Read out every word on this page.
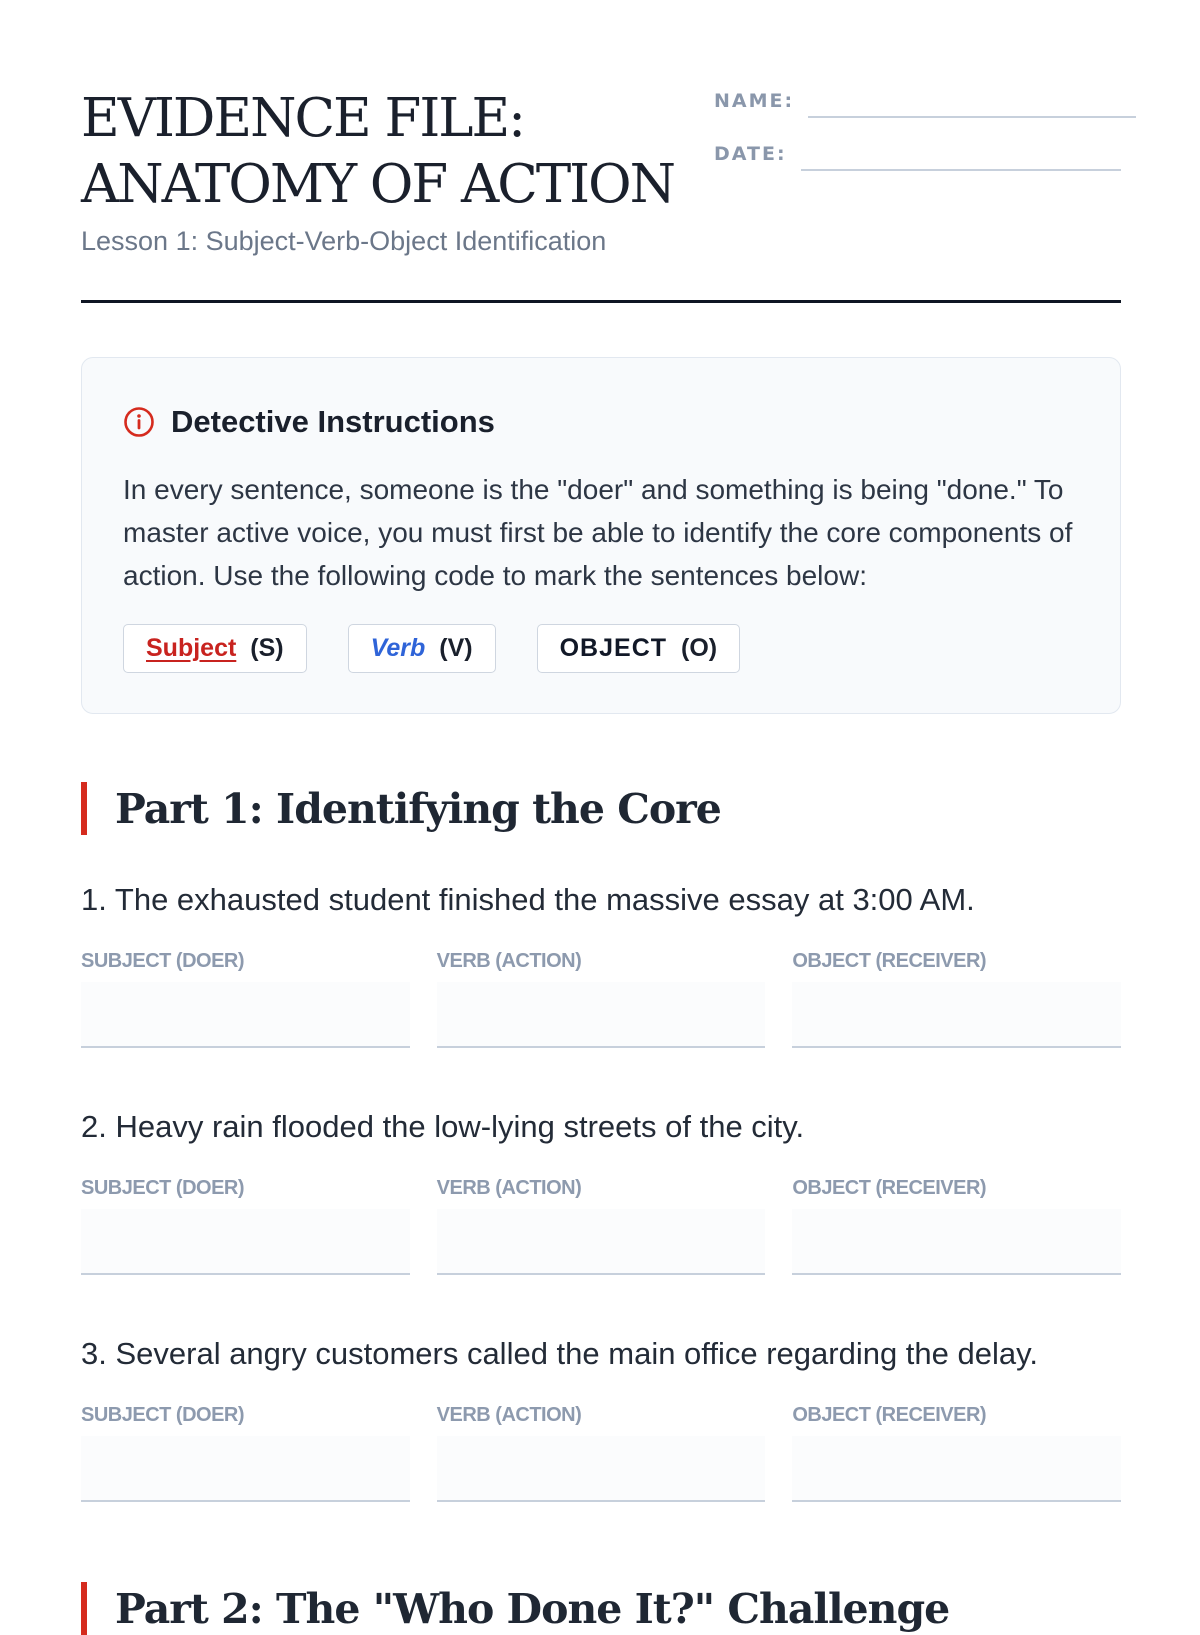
EVIDENCE FILE:
ANATOMY OF ACTION
Lesson 1: Subject-Verb-Object Identification
NAME:
DATE:
Detective Instructions

In every sentence, someone is the "doer" and something is being "done." To master active voice, you must first be able to identify the core components of action. Use the following code to mark the sentences below:

Subject (S)	Verb (V)	OBJECT (O)
Part 1: Identifying the Core

1. The exhausted student finished the massive essay at 3:00 AM.

SUBJECT (DOER)	VERB (ACTION)	OBJECT (RECEIVER)

2. Heavy rain flooded the low-lying streets of the city.

SUBJECT (DOER)	VERB (ACTION)	OBJECT (RECEIVER)

3. Several angry customers called the main office regarding the delay.

SUBJECT (DOER)	VERB (ACTION)	OBJECT (RECEIVER)
Part 2: The "Who Done It?" Challenge
